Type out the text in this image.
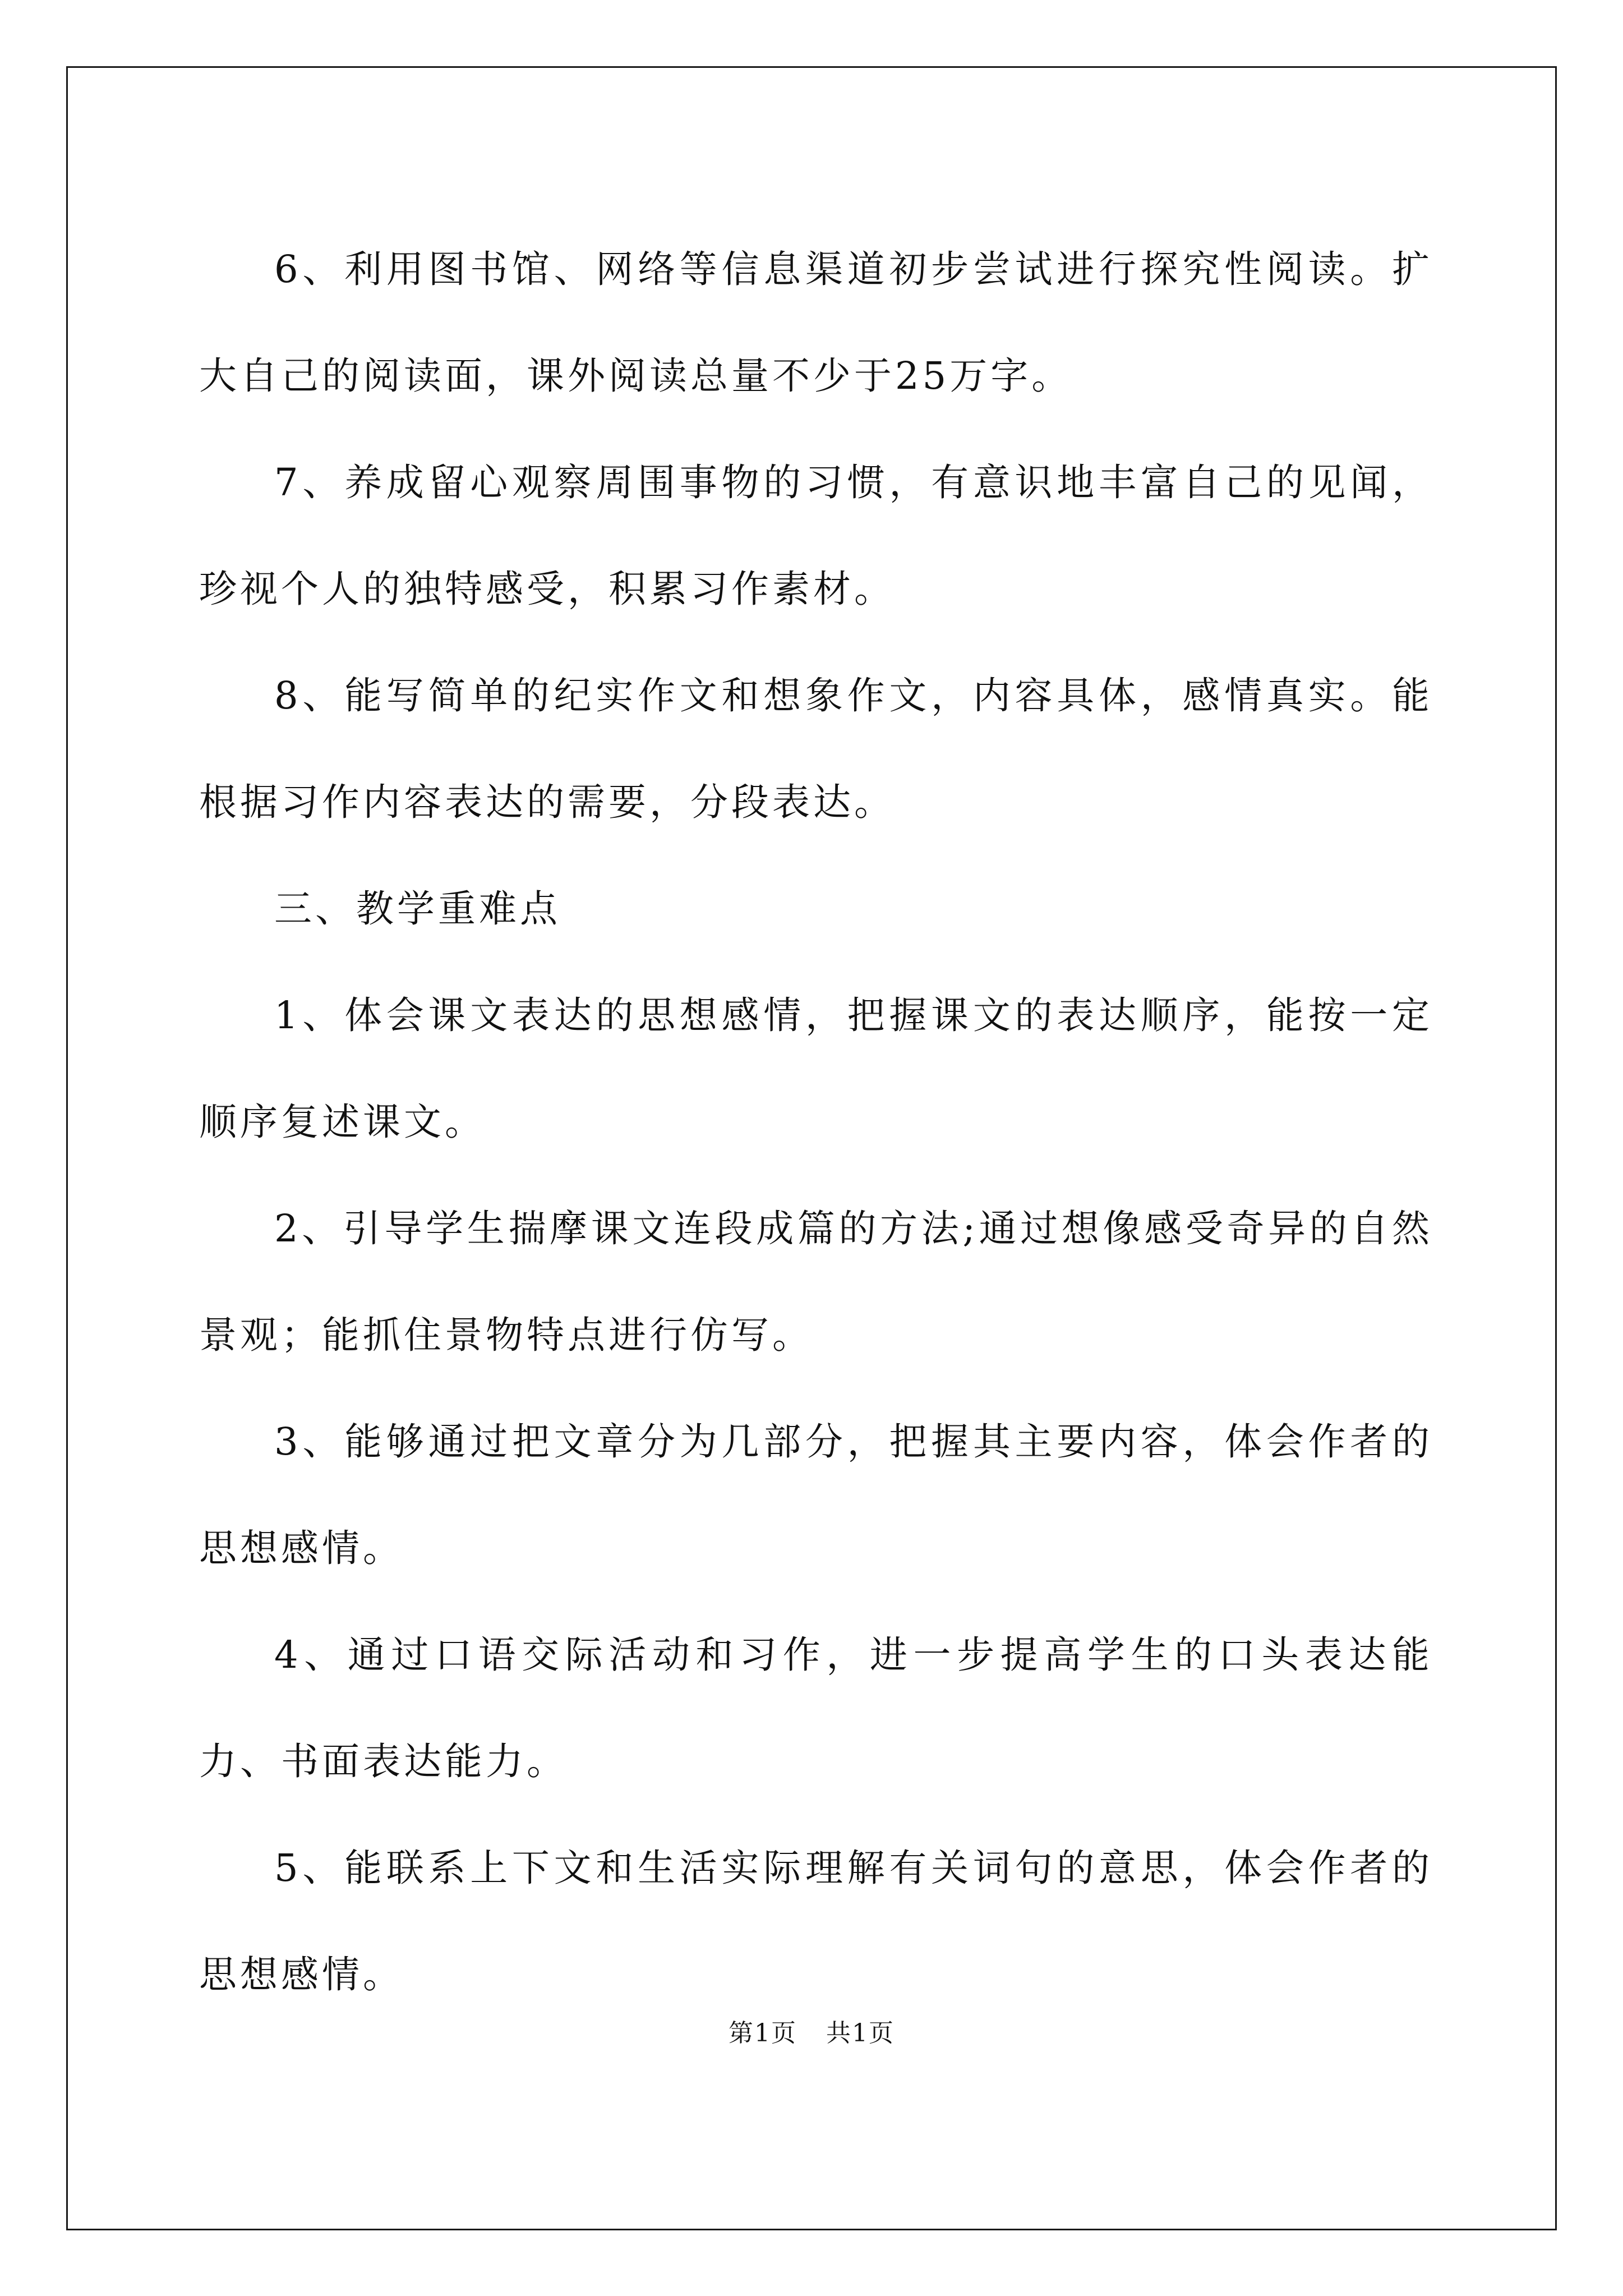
6、利用图书馆、网络等信息渠道初步尝试进行探究性阅读。扩大自己的阅读面，课外阅读总量不少于25万字。

7、养成留心观察周围事物的习惯，有意识地丰富自己的见闻，珍视个人的独特感受，积累习作素材。

8、能写简单的纪实作文和想象作文，内容具体，感情真实。能根据习作内容表达的需要，分段表达。

三、教学重难点

1、体会课文表达的思想感情，把握课文的表达顺序，能按一定顺序复述课文。

2、引导学生揣摩课文连段成篇的方法;通过想像感受奇异的自然景观；能抓住景物特点进行仿写。

3、能够通过把文章分为几部分，把握其主要内容，体会作者的思想感情。

4、通过口语交际活动和习作，进一步提高学生的口头表达能力、书面表达能力。

5、能联系上下文和生活实际理解有关词句的意思，体会作者的思想感情。

第1页 共1页
